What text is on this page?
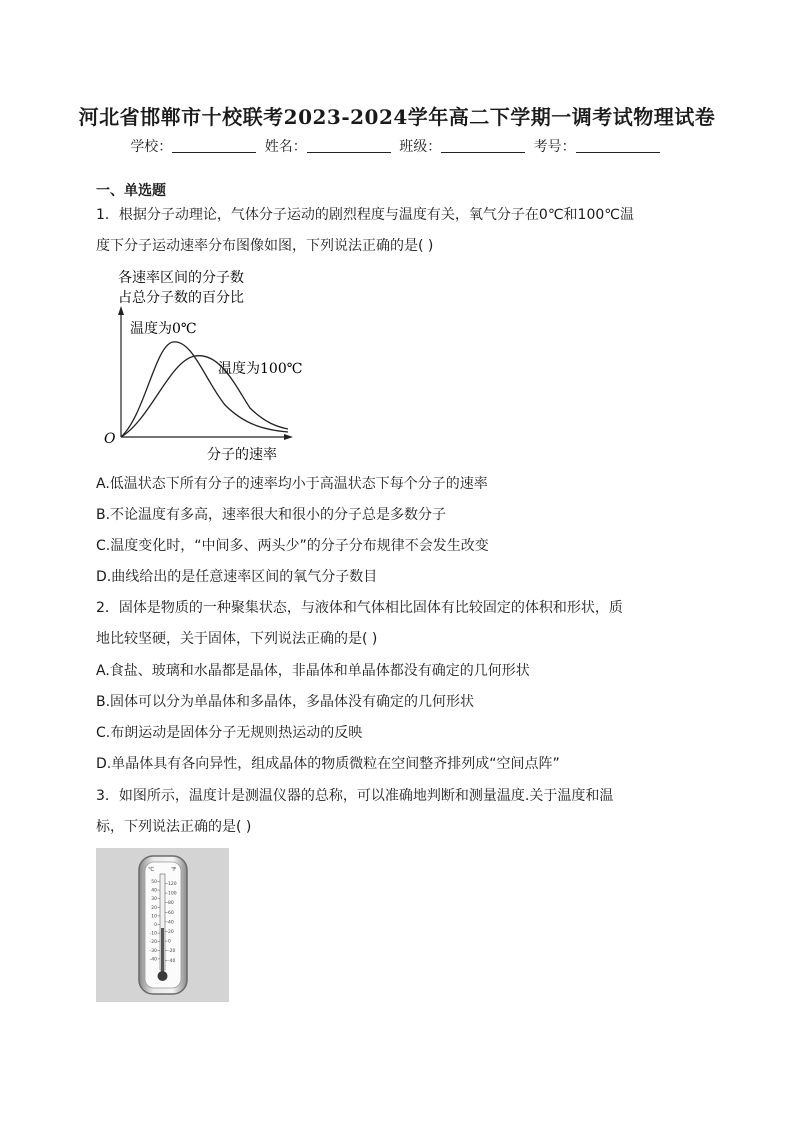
河北省邯郸市十校联考2023-2024学年高二下学期一调考试物理试卷
学校：	姓名：	班级：	考号：
一、单选题
1．根据分子动理论，气体分子运动的剧烈程度与温度有关，氧气分子在0℃和100℃温
度下分子运动速率分布图像如图，下列说法正确的是( )
各速率区间的分子数
占总分子数的百分比
温度为0℃
温度为100℃
O
分子的速率
A.低温状态下所有分子的速率均小于高温状态下每个分子的速率
B.不论温度有多高，速率很大和很小的分子总是多数分子
C.温度变化时，“中间多、两头少”的分子分布规律不会发生改变
D.曲线给出的是任意速率区间的氧气分子数目
2．固体是物质的一种聚集状态，与液体和气体相比固体有比较固定的体积和形状，质
地比较坚硬，关于固体，下列说法正确的是( )
A.食盐、玻璃和水晶都是晶体，非晶体和单晶体都没有确定的几何形状
B.固体可以分为单晶体和多晶体，多晶体没有确定的几何形状
C.布朗运动是固体分子无规则热运动的反映
D.单晶体具有各向异性，组成晶体的物质微粒在空间整齐排列成“空间点阵”
3．如图所示，温度计是测温仪器的总称，可以准确地判断和测量温度.关于温度和温
标，下列说法正确的是( )
℃	℉
50
40
30
20
10
0
-10
-20
-30
-40
120
100
80
60
40
20
0
-20
-40
